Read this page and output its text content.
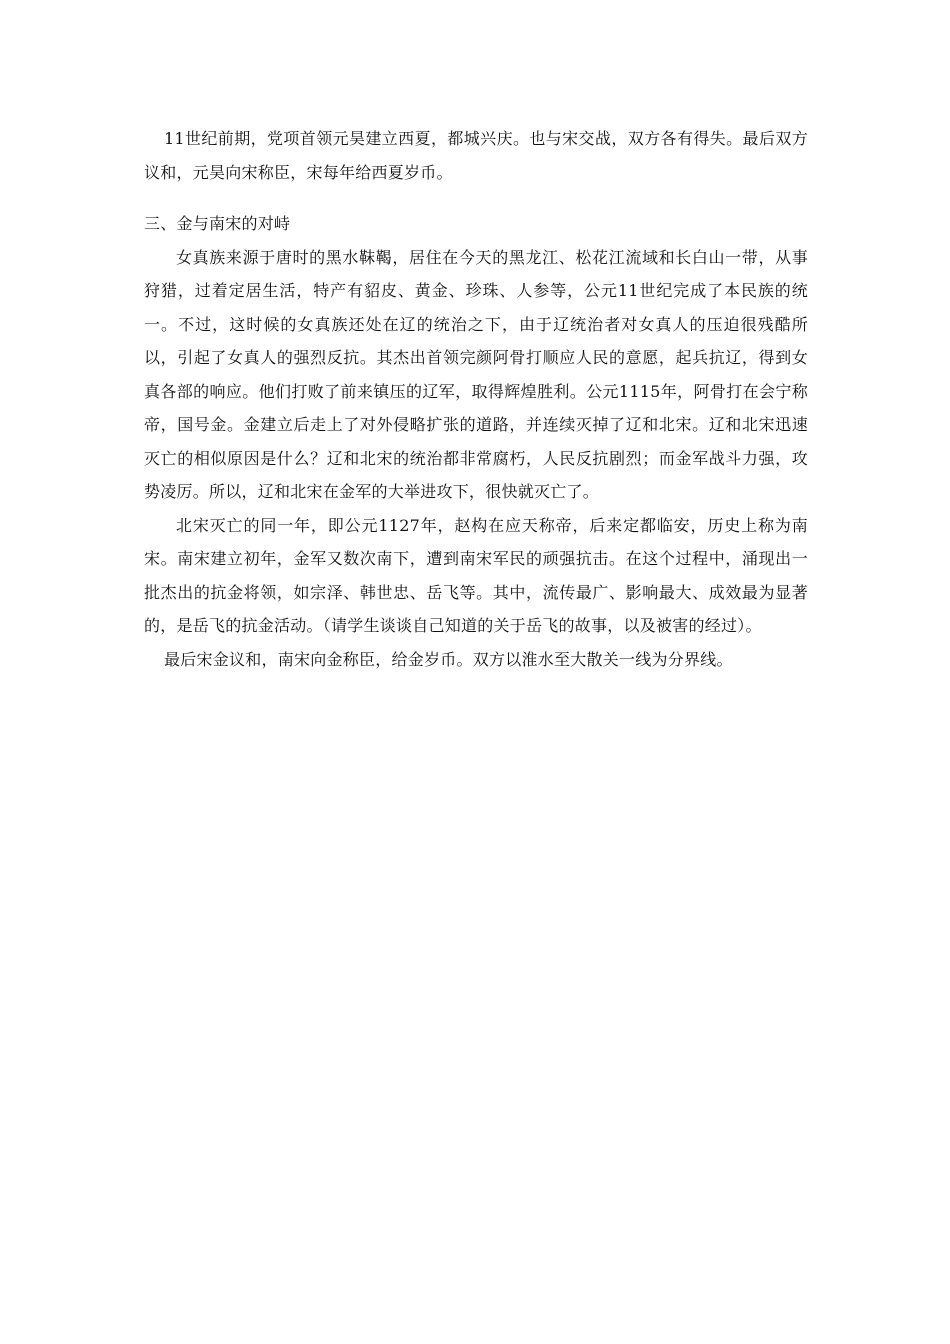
11世纪前期，党项首领元昊建立西夏，都城兴庆。也与宋交战，双方各有得失。最后双方议和，元昊向宋称臣，宋每年给西夏岁币。

三、金与南宋的对峙

女真族来源于唐时的黑水靺鞨，居住在今天的黑龙江、松花江流域和长白山一带，从事狩猎，过着定居生活，特产有貂皮、黄金、珍珠、人参等，公元11世纪完成了本民族的统一。不过，这时候的女真族还处在辽的统治之下，由于辽统治者对女真人的压迫很残酷所以，引起了女真人的强烈反抗。其杰出首领完颜阿骨打顺应人民的意愿，起兵抗辽，得到女真各部的响应。他们打败了前来镇压的辽军，取得辉煌胜利。公元1115年，阿骨打在会宁称帝，国号金。金建立后走上了对外侵略扩张的道路，并连续灭掉了辽和北宋。辽和北宋迅速灭亡的相似原因是什么？辽和北宋的统治都非常腐朽，人民反抗剧烈；而金军战斗力强，攻势凌厉。所以，辽和北宋在金军的大举进攻下，很快就灭亡了。

北宋灭亡的同一年，即公元1127年，赵构在应天称帝，后来定都临安，历史上称为南宋。南宋建立初年，金军又数次南下，遭到南宋军民的顽强抗击。在这个过程中，涌现出一批杰出的抗金将领，如宗泽、韩世忠、岳飞等。其中，流传最广、影响最大、成效最为显著的，是岳飞的抗金活动。（请学生谈谈自己知道的关于岳飞的故事，以及被害的经过）。

最后宋金议和，南宋向金称臣，给金岁币。双方以淮水至大散关一线为分界线。
